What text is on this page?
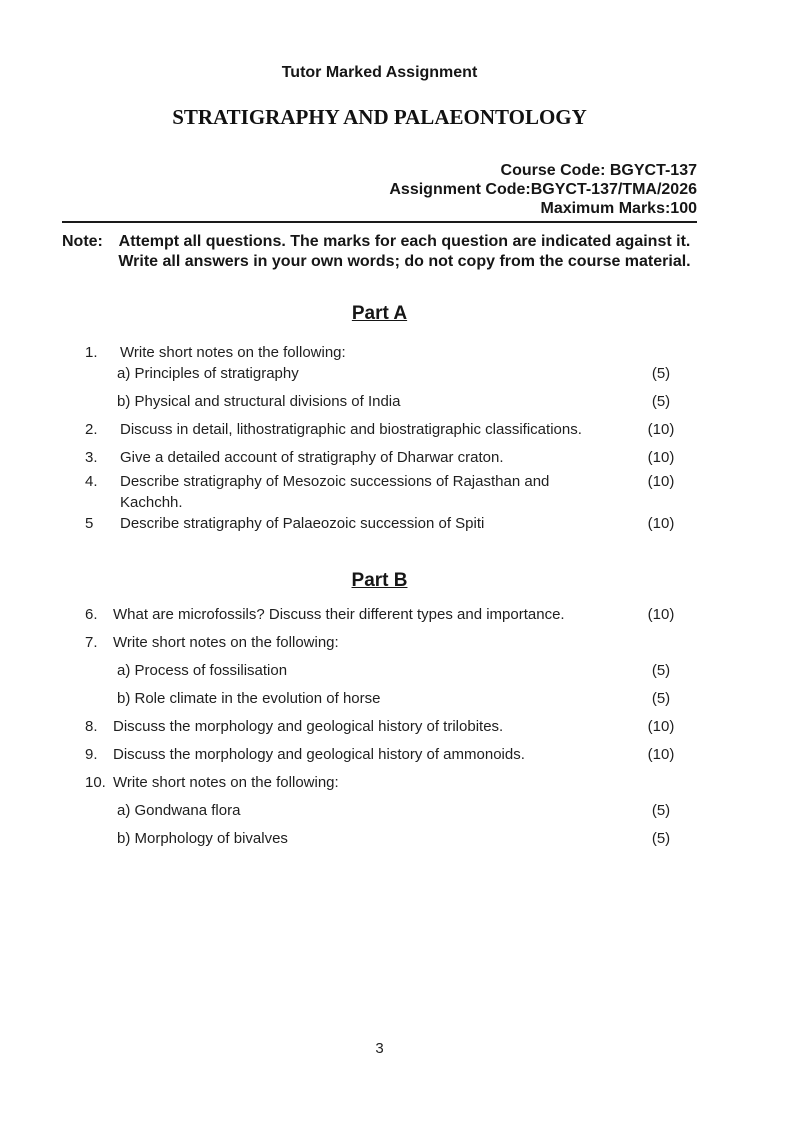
Tutor Marked Assignment
STRATIGRAPHY AND PALAEONTOLOGY
Course Code: BGYCT-137
Assignment Code:BGYCT-137/TMA/2026
Maximum Marks:100
Note: Attempt all questions. The marks for each question are indicated against it.
Write all answers in your own words; do not copy from the course material.
Part A
1.	Write short notes on the following:
a) Principles of stratigraphy	(5)
b) Physical and structural divisions of India	(5)
2.	Discuss in detail, lithostratigraphic and biostratigraphic classifications.	(10)
3.	Give a detailed account of stratigraphy of Dharwar craton.	(10)
4.	Describe stratigraphy of Mesozoic successions of Rajasthan and Kachchh.
(10)
5	Describe stratigraphy of Palaeozoic succession of Spiti	(10)
Part B
6.	What are microfossils? Discuss their different types and importance.	(10)
7.	Write short notes on the following:
a) Process of fossilisation	(5)
b) Role climate in the evolution of horse	(5)
8.	Discuss the morphology and geological history of trilobites.	(10)
9.	Discuss the morphology and geological history of ammonoids.	(10)
10. Write short notes on the following:
a) Gondwana flora	(5)
b) Morphology of bivalves	(5)
3
